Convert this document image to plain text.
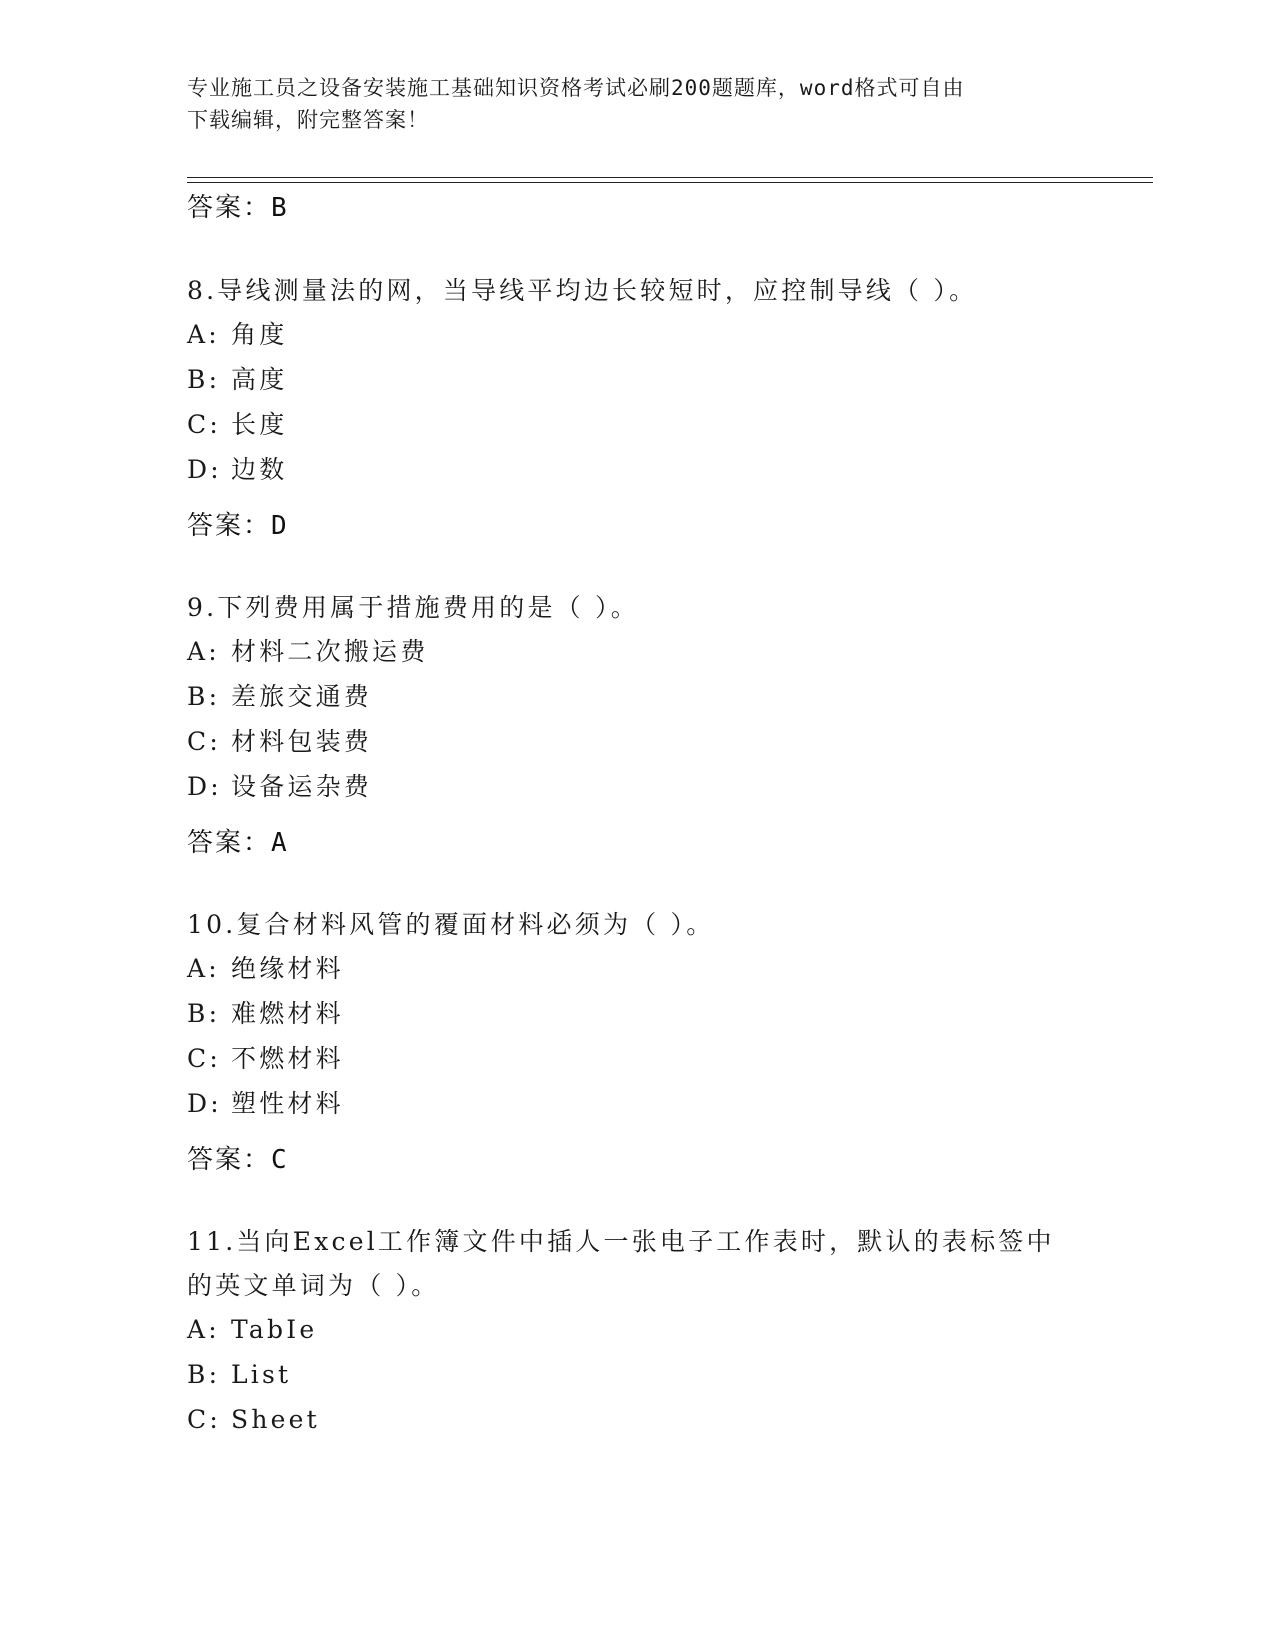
专业施工员之设备安装施工基础知识资格考试必刷200题题库，word格式可自由
下载编辑，附完整答案！
答案：B
8.导线测量法的网，当导线平均边长较短时，应控制导线（ ）。
A: 角度
B: 高度
C: 长度
D: 边数
答案：D
9.下列费用属于措施费用的是（ ）。
A: 材料二次搬运费
B: 差旅交通费
C: 材料包装费
D: 设备运杂费
答案：A
10.复合材料风管的覆面材料必须为（ ）。
A: 绝缘材料
B: 难燃材料
C: 不燃材料
D: 塑性材料
答案：C
11.当向Excel工作簿文件中插人一张电子工作表时，默认的表标签中
的英文单词为（ ）。
A: TabIe
B: List
C: Sheet
